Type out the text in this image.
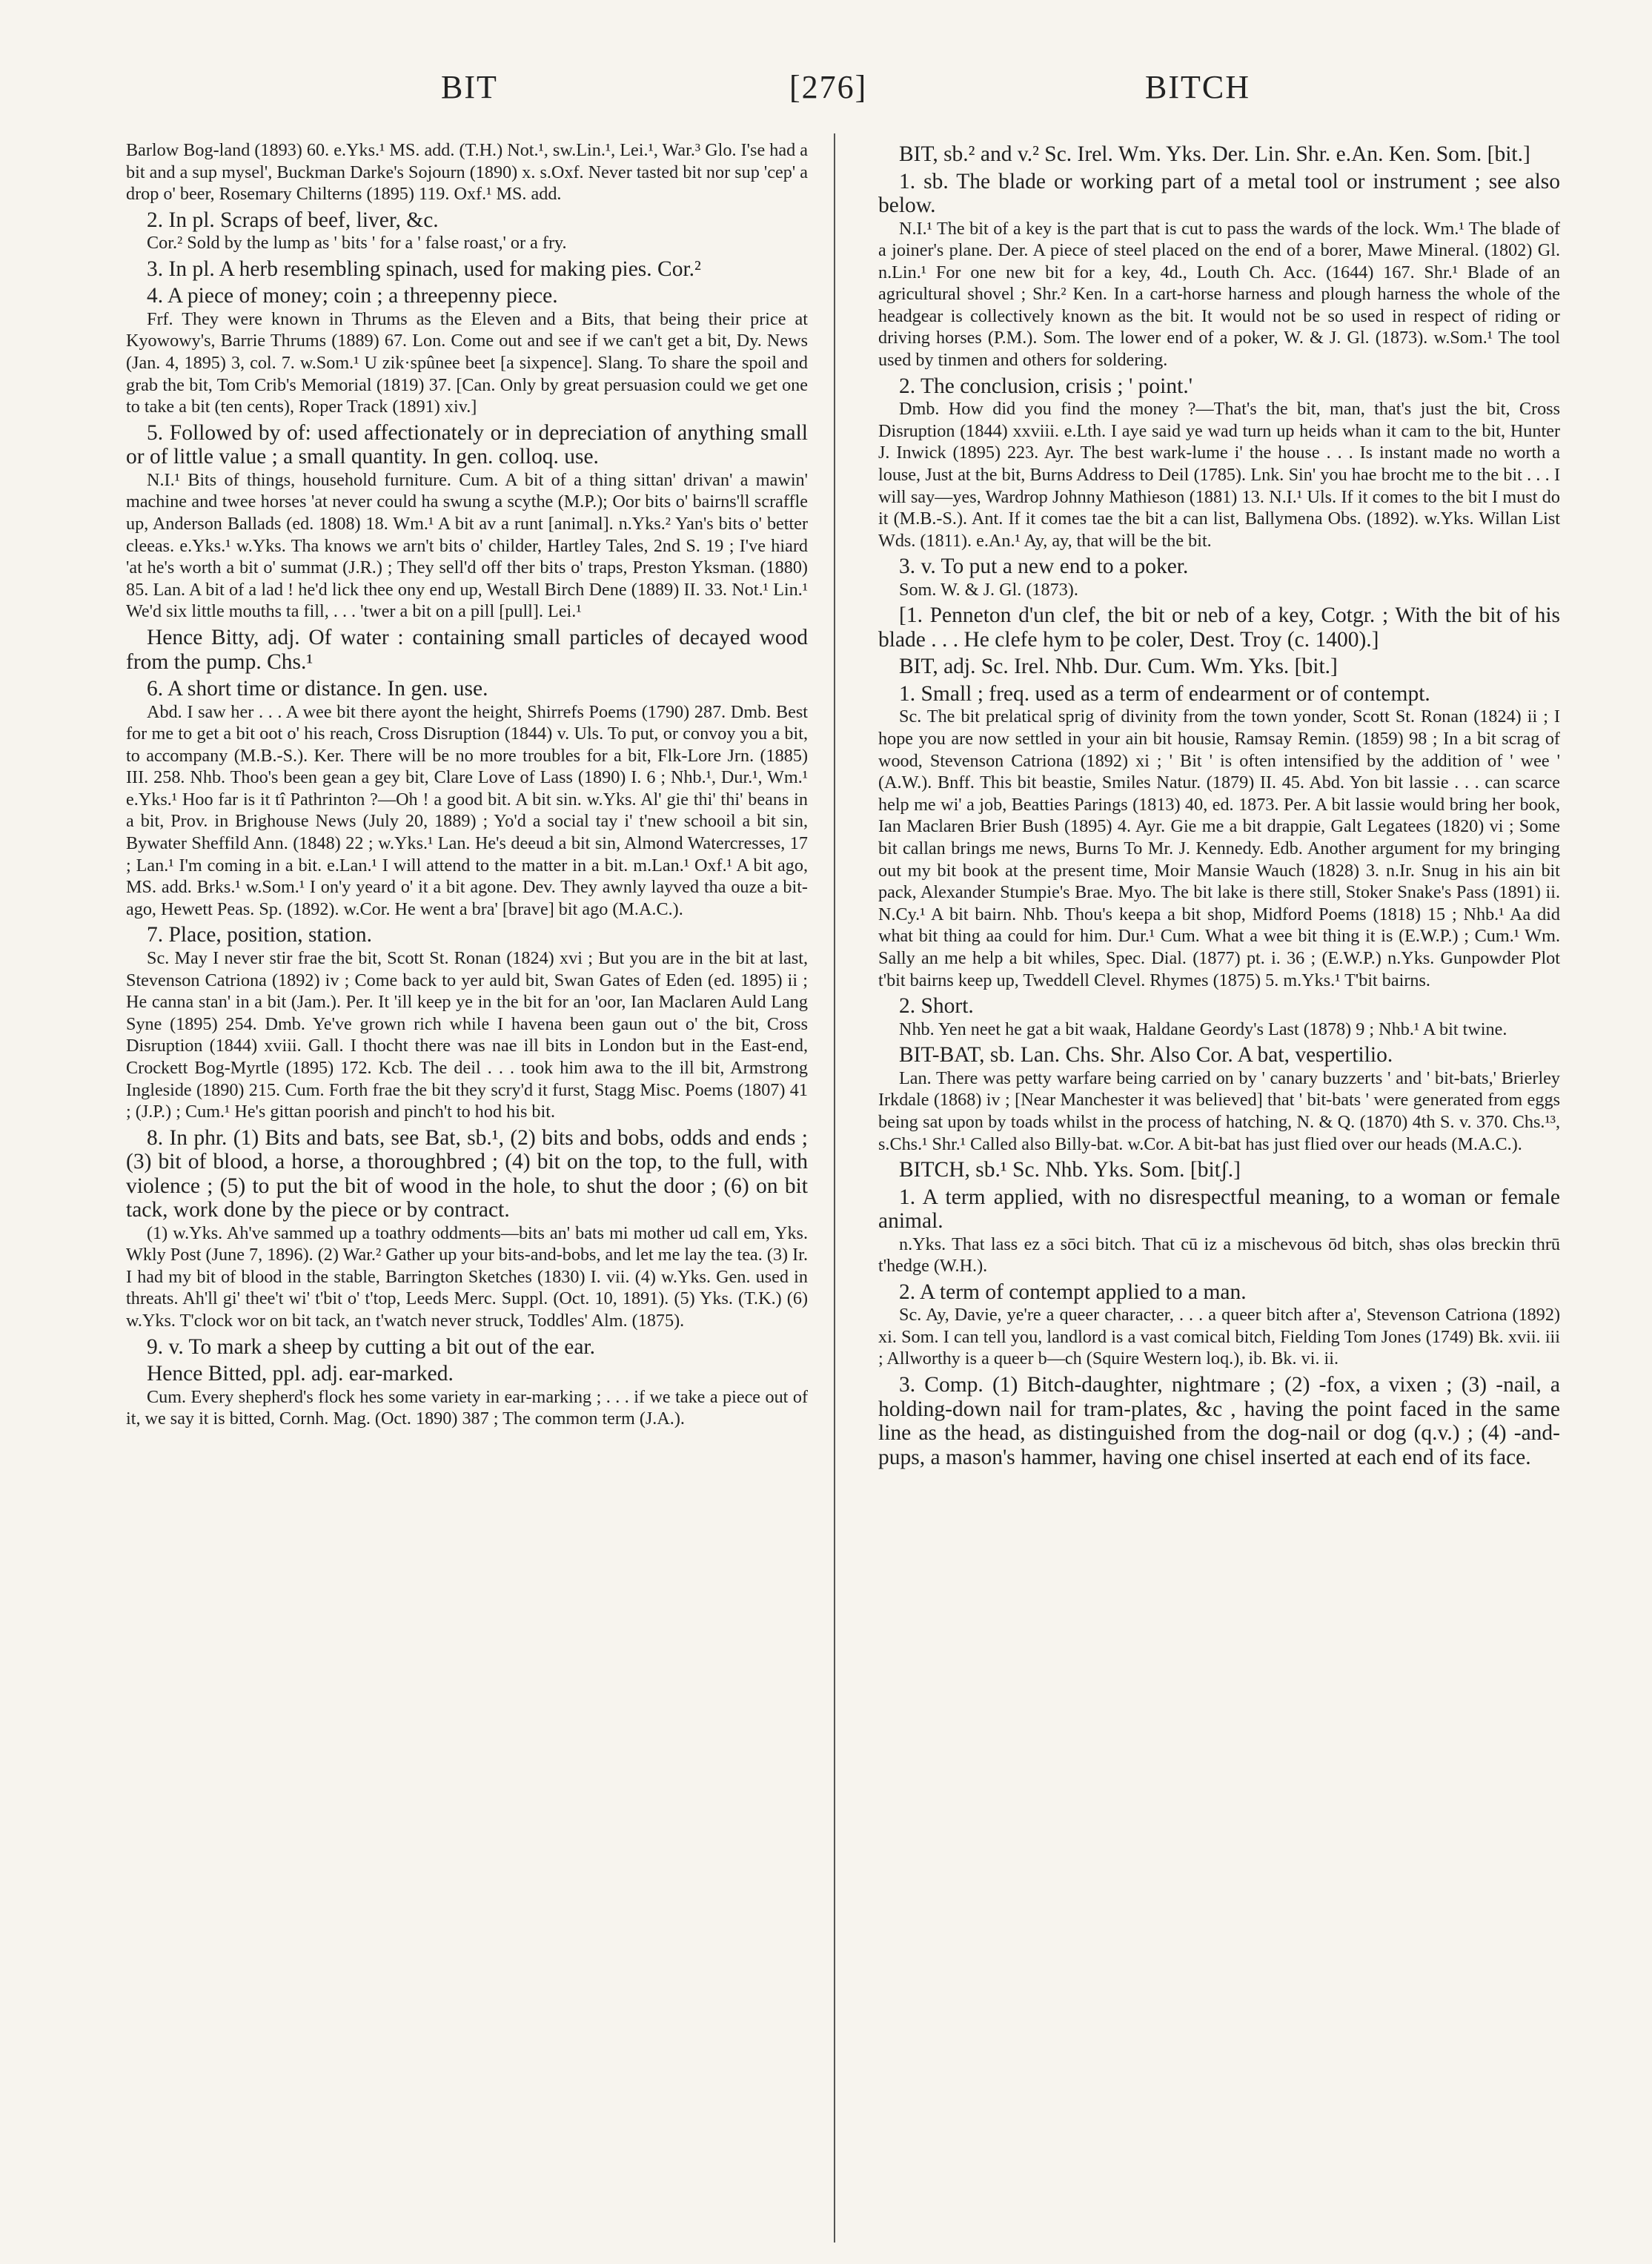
BIT	[276]	BITCH

Barlow Bog-land (1893) 60. e.Yks.¹ MS. add. (T.H.) Not.¹, sw.Lin.¹, Lei.¹, War.³ Glo. I'se had a bit and a sup mysel', Buckman Darke's Sojourn (1890) x. s.Oxf. Never tasted bit nor sup 'cep' a drop o' beer, Rosemary Chilterns (1895) 119. Oxf.¹ MS. add.

2. In pl. Scraps of beef, liver, &c.

Cor.² Sold by the lump as ' bits ' for a ' false roast,' or a fry.

3. In pl. A herb resembling spinach, used for making pies. Cor.²

4. A piece of money; coin ; a threepenny piece.

Frf. They were known in Thrums as the Eleven and a Bits, that being their price at Kyowowy's, Barrie Thrums (1889) 67. Lon. Come out and see if we can't get a bit, Dy. News (Jan. 4, 1895) 3, col. 7. w.Som.¹ U zik·spûnee beet [a sixpence]. Slang. To share the spoil and grab the bit, Tom Crib's Memorial (1819) 37. [Can. Only by great persuasion could we get one to take a bit (ten cents), Roper Track (1891) xiv.]

5. Followed by of: used affectionately or in depreciation of anything small or of little value ; a small quantity. In gen. colloq. use.

N.I.¹ Bits of things, household furniture. Cum. A bit of a thing sittan' drivan' a mawin' machine and twee horses 'at never could ha swung a scythe (M.P.); Oor bits o' bairns'll scraffle up, Anderson Ballads (ed. 1808) 18. Wm.¹ A bit av a runt [animal]. n.Yks.² Yan's bits o' better cleeas. e.Yks.¹ w.Yks. Tha knows we arn't bits o' childer, Hartley Tales, 2nd S. 19 ; I've hiard 'at he's worth a bit o' summat (J.R.) ; They sell'd off ther bits o' traps, Preston Yksman. (1880) 85. Lan. A bit of a lad ! he'd lick thee ony end up, Westall Birch Dene (1889) II. 33. Not.¹ Lin.¹ We'd six little mouths ta fill, . . . 'twer a bit on a pill [pull]. Lei.¹

Hence Bitty, adj. Of water : containing small particles of decayed wood from the pump. Chs.¹

6. A short time or distance. In gen. use.

Abd. I saw her . . . A wee bit there ayont the height, Shirrefs Poems (1790) 287. Dmb. Best for me to get a bit oot o' his reach, Cross Disruption (1844) v. Uls. To put, or convoy you a bit, to accompany (M.B.-S.). Ker. There will be no more troubles for a bit, Flk-Lore Jrn. (1885) III. 258. Nhb. Thoo's been gean a gey bit, Clare Love of Lass (1890) I. 6 ; Nhb.¹, Dur.¹, Wm.¹ e.Yks.¹ Hoo far is it tî Pathrinton ?—Oh ! a good bit. A bit sin. w.Yks. Al' gie thi' thi' beans in a bit, Prov. in Brighouse News (July 20, 1889) ; Yo'd a social tay i' t'new schooil a bit sin, Bywater Sheffild Ann. (1848) 22 ; w.Yks.¹ Lan. He's deeud a bit sin, Almond Watercresses, 17 ; Lan.¹ I'm coming in a bit. e.Lan.¹ I will attend to the matter in a bit. m.Lan.¹ Oxf.¹ A bit ago, MS. add. Brks.¹ w.Som.¹ I on'y yeard o' it a bit agone. Dev. They awnly layved tha ouze a bit-ago, Hewett Peas. Sp. (1892). w.Cor. He went a bra' [brave] bit ago (M.A.C.).

7. Place, position, station.

Sc. May I never stir frae the bit, Scott St. Ronan (1824) xvi ; But you are in the bit at last, Stevenson Catriona (1892) iv ; Come back to yer auld bit, Swan Gates of Eden (ed. 1895) ii ; He canna stan' in a bit (Jam.). Per. It 'ill keep ye in the bit for an 'oor, Ian Maclaren Auld Lang Syne (1895) 254. Dmb. Ye've grown rich while I havena been gaun out o' the bit, Cross Disruption (1844) xviii. Gall. I thocht there was nae ill bits in London but in the East-end, Crockett Bog-Myrtle (1895) 172. Kcb. The deil . . . took him awa to the ill bit, Armstrong Ingleside (1890) 215. Cum. Forth frae the bit they scry'd it furst, Stagg Misc. Poems (1807) 41 ; (J.P.) ; Cum.¹ He's gittan poorish and pinch't to hod his bit.

8. In phr. (1) Bits and bats, see Bat, sb.¹, (2) bits and bobs, odds and ends ; (3) bit of blood, a horse, a thoroughbred ; (4) bit on the top, to the full, with violence ; (5) to put the bit of wood in the hole, to shut the door ; (6) on bit tack, work done by the piece or by contract.

(1) w.Yks. Ah've sammed up a toathry oddments—bits an' bats mi mother ud call em, Yks. Wkly Post (June 7, 1896). (2) War.² Gather up your bits-and-bobs, and let me lay the tea. (3) Ir. I had my bit of blood in the stable, Barrington Sketches (1830) I. vii. (4) w.Yks. Gen. used in threats. Ah'll gi' thee't wi' t'bit o' t'top, Leeds Merc. Suppl. (Oct. 10, 1891). (5) Yks. (T.K.) (6) w.Yks. T'clock wor on bit tack, an t'watch never struck, Toddles' Alm. (1875).

9. v. To mark a sheep by cutting a bit out of the ear.

Hence Bitted, ppl. adj. ear-marked.

Cum. Every shepherd's flock hes some variety in ear-marking ; . . . if we take a piece out of it, we say it is bitted, Cornh. Mag. (Oct. 1890) 387 ; The common term (J.A.).

BIT, sb.² and v.² Sc. Irel. Wm. Yks. Der. Lin. Shr. e.An. Ken. Som. [bit.]

1. sb. The blade or working part of a metal tool or instrument ; see also below.

N.I.¹ The bit of a key is the part that is cut to pass the wards of the lock. Wm.¹ The blade of a joiner's plane. Der. A piece of steel placed on the end of a borer, Mawe Mineral. (1802) Gl. n.Lin.¹ For one new bit for a key, 4d., Louth Ch. Acc. (1644) 167. Shr.¹ Blade of an agricultural shovel ; Shr.² Ken. In a cart-horse harness and plough harness the whole of the headgear is collectively known as the bit. It would not be so used in respect of riding or driving horses (P.M.). Som. The lower end of a poker, W. & J. Gl. (1873). w.Som.¹ The tool used by tinmen and others for soldering.

2. The conclusion, crisis ; ' point.'

Dmb. How did you find the money ?—That's the bit, man, that's just the bit, Cross Disruption (1844) xxviii. e.Lth. I aye said ye wad turn up heids whan it cam to the bit, Hunter J. Inwick (1895) 223. Ayr. The best wark-lume i' the house . . . Is instant made no worth a louse, Just at the bit, Burns Address to Deil (1785). Lnk. Sin' you hae brocht me to the bit . . . I will say—yes, Wardrop Johnny Mathieson (1881) 13. N.I.¹ Uls. If it comes to the bit I must do it (M.B.-S.). Ant. If it comes tae the bit a can list, Ballymena Obs. (1892). w.Yks. Willan List Wds. (1811). e.An.¹ Ay, ay, that will be the bit.

3. v. To put a new end to a poker.

Som. W. & J. Gl. (1873).

[1. Penneton d'un clef, the bit or neb of a key, Cotgr. ; With the bit of his blade . . . He clefe hym to þe coler, Dest. Troy (c. 1400).]

BIT, adj. Sc. Irel. Nhb. Dur. Cum. Wm. Yks. [bit.]

1. Small ; freq. used as a term of endearment or of contempt.

Sc. The bit prelatical sprig of divinity from the town yonder, Scott St. Ronan (1824) ii ; I hope you are now settled in your ain bit housie, Ramsay Remin. (1859) 98 ; In a bit scrag of wood, Stevenson Catriona (1892) xi ; ' Bit ' is often intensified by the addition of ' wee ' (A.W.). Bnff. This bit beastie, Smiles Natur. (1879) II. 45. Abd. Yon bit lassie . . . can scarce help me wi' a job, Beatties Parings (1813) 40, ed. 1873. Per. A bit lassie would bring her book, Ian Maclaren Brier Bush (1895) 4. Ayr. Gie me a bit drappie, Galt Legatees (1820) vi ; Some bit callan brings me news, Burns To Mr. J. Kennedy. Edb. Another argument for my bringing out my bit book at the present time, Moir Mansie Wauch (1828) 3. n.Ir. Snug in his ain bit pack, Alexander Stumpie's Brae. Myo. The bit lake is there still, Stoker Snake's Pass (1891) ii. N.Cy.¹ A bit bairn. Nhb. Thou's keepa a bit shop, Midford Poems (1818) 15 ; Nhb.¹ Aa did what bit thing aa could for him. Dur.¹ Cum. What a wee bit thing it is (E.W.P.) ; Cum.¹ Wm. Sally an me help a bit whiles, Spec. Dial. (1877) pt. i. 36 ; (E.W.P.) n.Yks. Gunpowder Plot t'bit bairns keep up, Tweddell Clevel. Rhymes (1875) 5. m.Yks.¹ T'bit bairns.

2. Short.

Nhb. Yen neet he gat a bit waak, Haldane Geordy's Last (1878) 9 ; Nhb.¹ A bit twine.

BIT-BAT, sb. Lan. Chs. Shr. Also Cor. A bat, vespertilio.

Lan. There was petty warfare being carried on by ' canary buzzerts ' and ' bit-bats,' Brierley Irkdale (1868) iv ; [Near Manchester it was believed] that ' bit-bats ' were generated from eggs being sat upon by toads whilst in the process of hatching, N. & Q. (1870) 4th S. v. 370. Chs.¹³, s.Chs.¹ Shr.¹ Called also Billy-bat. w.Cor. A bit-bat has just flied over our heads (M.A.C.).

BITCH, sb.¹ Sc. Nhb. Yks. Som. [bitʃ.]

1. A term applied, with no disrespectful meaning, to a woman or female animal.

n.Yks. That lass ez a sōci bitch. That cū iz a mischevous ōd bitch, shəs oləs breckin thrū t'hedge (W.H.).

2. A term of contempt applied to a man.

Sc. Ay, Davie, ye're a queer character, . . . a queer bitch after a', Stevenson Catriona (1892) xi. Som. I can tell you, landlord is a vast comical bitch, Fielding Tom Jones (1749) Bk. xvii. iii ; Allworthy is a queer b—ch (Squire Western loq.), ib. Bk. vi. ii.

3. Comp. (1) Bitch-daughter, nightmare ; (2) -fox, a vixen ; (3) -nail, a holding-down nail for tram-plates, &c , having the point faced in the same line as the head, as distinguished from the dog-nail or dog (q.v.) ; (4) -and-pups, a mason's hammer, having one chisel inserted at each end of its face.
